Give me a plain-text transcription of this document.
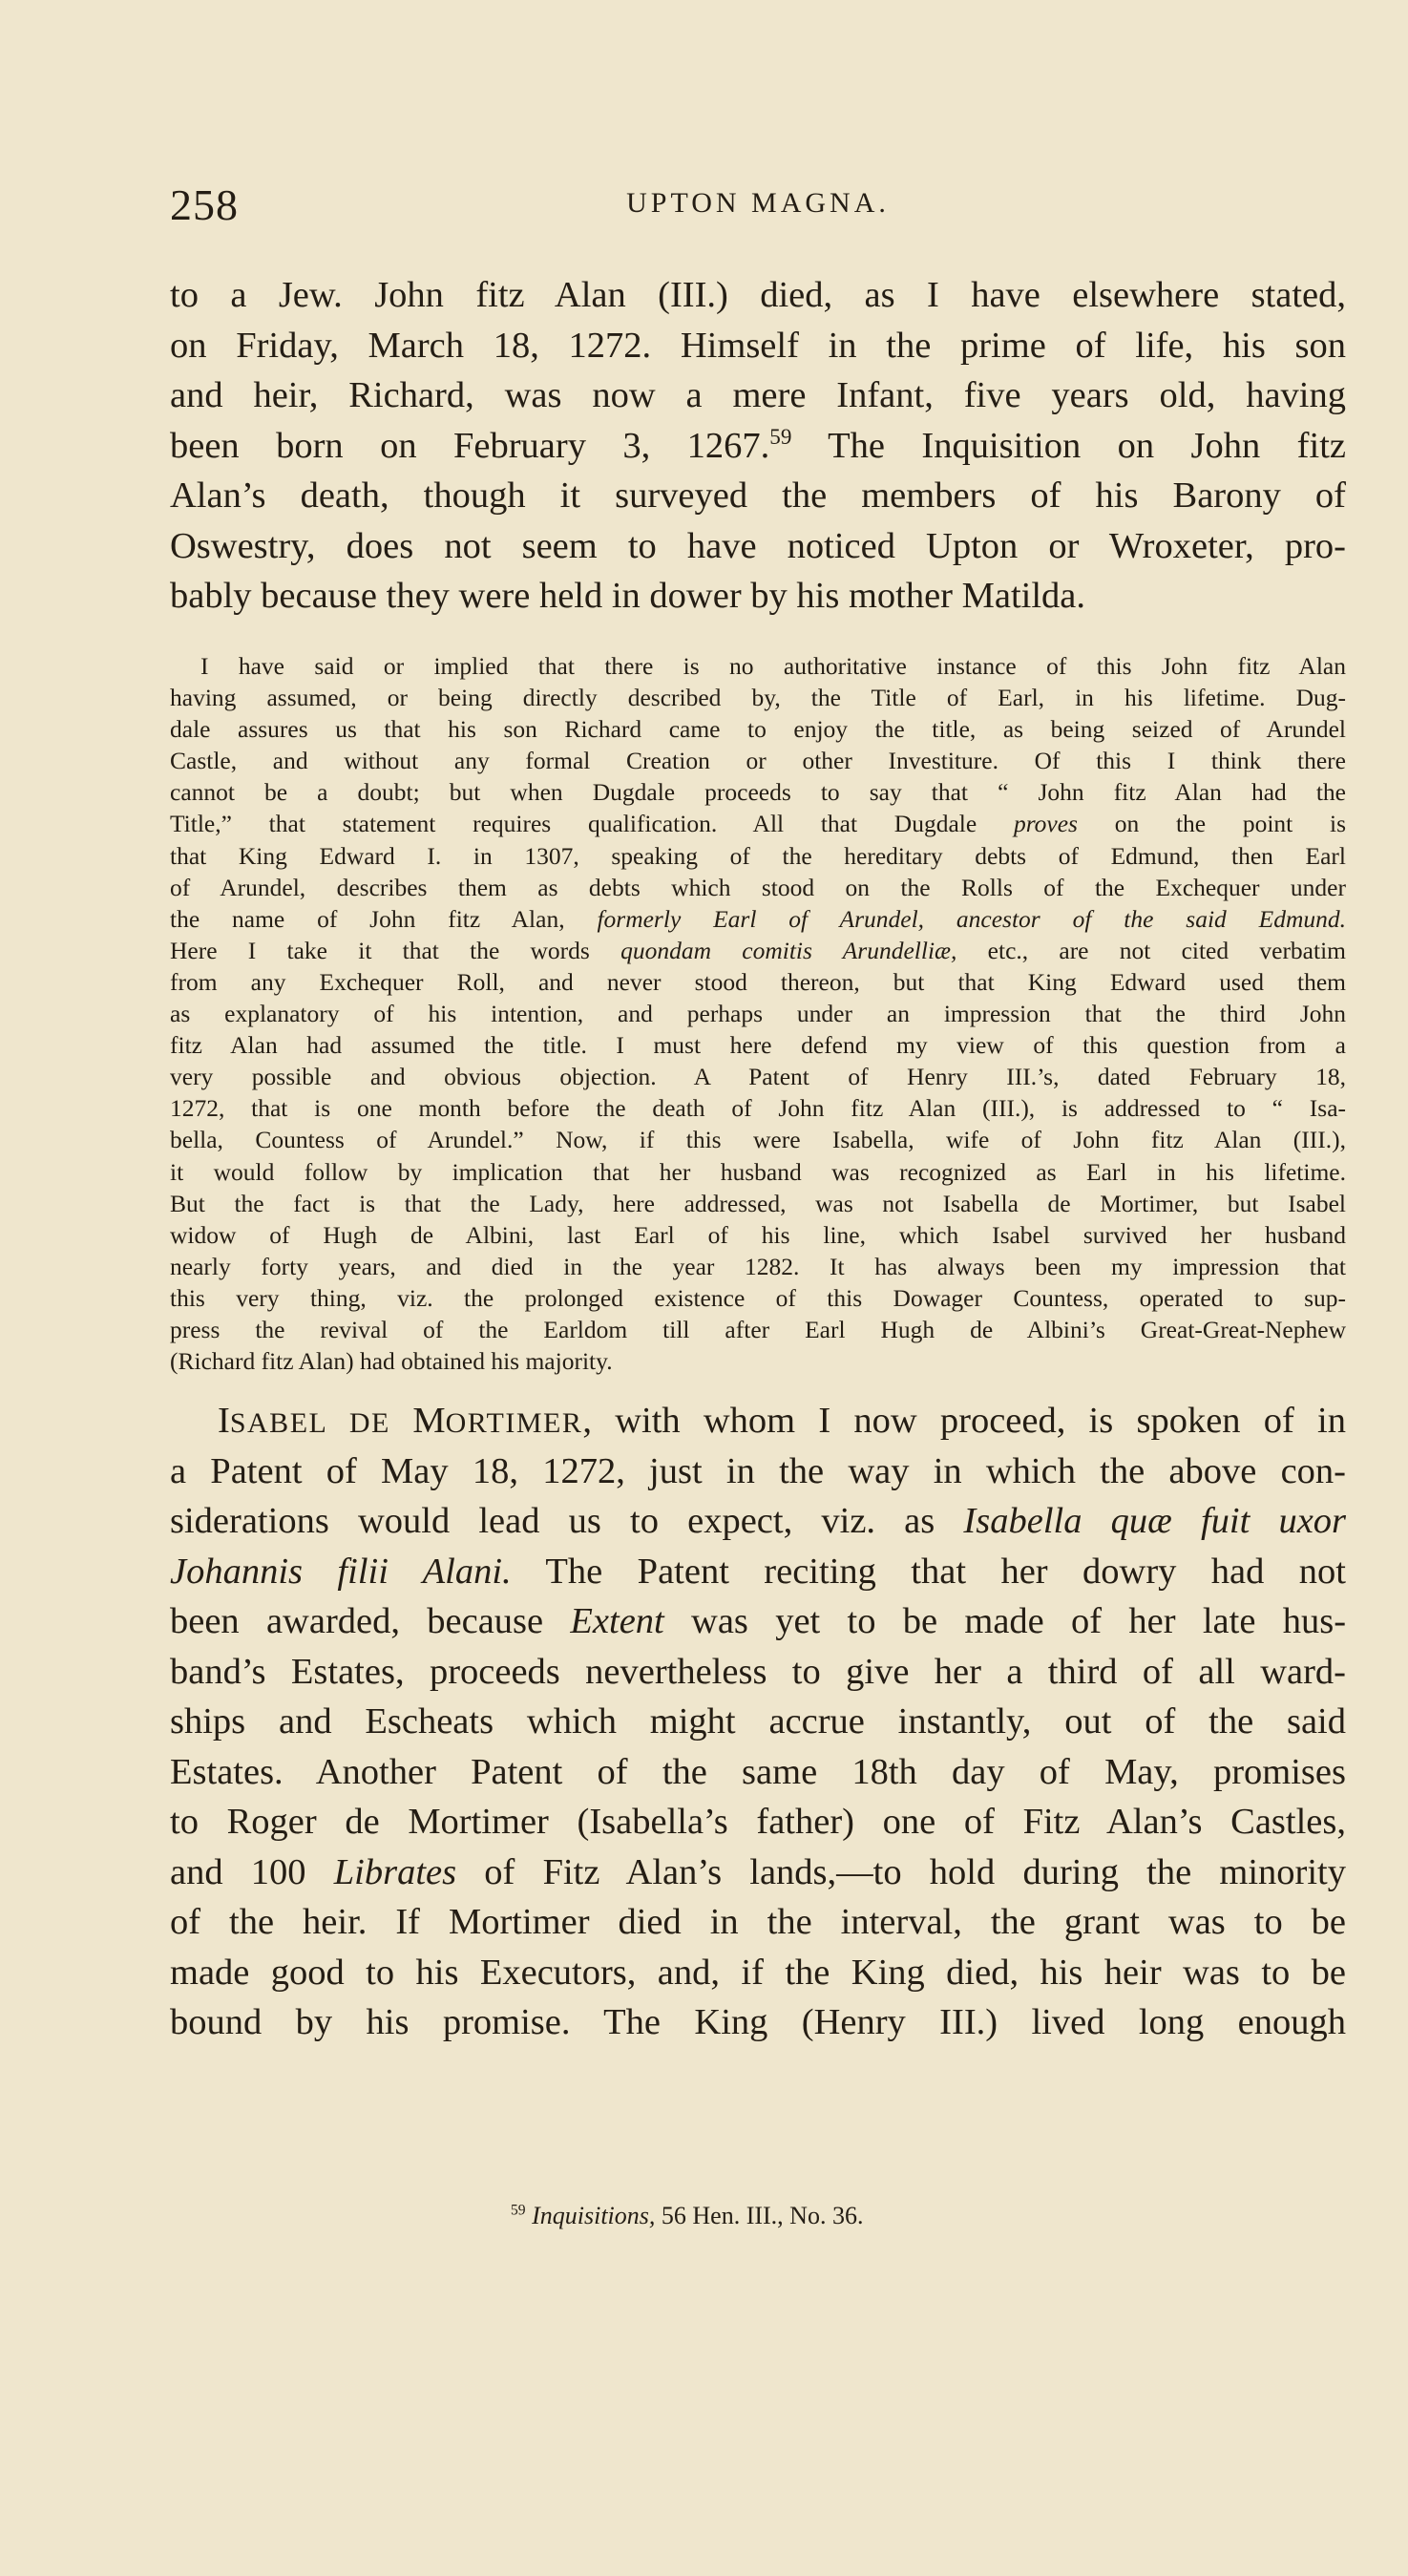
258	UPTON MAGNA.
to a Jew. John fitz Alan (III.) died, as I have elsewhere stated,
on Friday, March 18, 1272. Himself in the prime of life, his son
and heir, Richard, was now a mere Infant, five years old, having
been born on February 3, 1267.59 The Inquisition on John fitz
Alan’s death, though it surveyed the members of his Barony of
Oswestry, does not seem to have noticed Upton or Wroxeter, pro-
bably because they were held in dower by his mother Matilda.
I have said or implied that there is no authoritative instance of this John fitz Alan
having assumed, or being directly described by, the Title of Earl, in his lifetime. Dug-
dale assures us that his son Richard came to enjoy the title, as being seized of Arundel
Castle, and without any formal Creation or other Investiture. Of this I think there
cannot be a doubt; but when Dugdale proceeds to say that “ John fitz Alan had the
Title,” that statement requires qualification. All that Dugdale proves on the point is
that King Edward I. in 1307, speaking of the hereditary debts of Edmund, then Earl
of Arundel, describes them as debts which stood on the Rolls of the Exchequer under
the name of John fitz Alan, formerly Earl of Arundel, ancestor of the said Edmund.
Here I take it that the words quondam comitis Arundelliæ, etc., are not cited verbatim
from any Exchequer Roll, and never stood thereon, but that King Edward used them
as explanatory of his intention, and perhaps under an impression that the third John
fitz Alan had assumed the title. I must here defend my view of this question from a
very possible and obvious objection. A Patent of Henry III.’s, dated February 18,
1272, that is one month before the death of John fitz Alan (III.), is addressed to “ Isa-
bella, Countess of Arundel.” Now, if this were Isabella, wife of John fitz Alan (III.),
it would follow by implication that her husband was recognized as Earl in his lifetime.
But the fact is that the Lady, here addressed, was not Isabella de Mortimer, but Isabel
widow of Hugh de Albini, last Earl of his line, which Isabel survived her husband
nearly forty years, and died in the year 1282. It has always been my impression that
this very thing, viz. the prolonged existence of this Dowager Countess, operated to sup-
press the revival of the Earldom till after Earl Hugh de Albini’s Great-Great-Nephew
(Richard fitz Alan) had obtained his majority.
ISABEL DE MORTIMER, with whom I now proceed, is spoken of in
a Patent of May 18, 1272, just in the way in which the above con-
siderations would lead us to expect, viz. as Isabella quæ fuit uxor
Johannis filii Alani. The Patent reciting that her dowry had not
been awarded, because Extent was yet to be made of her late hus-
band’s Estates, proceeds nevertheless to give her a third of all ward-
ships and Escheats which might accrue instantly, out of the said
Estates. Another Patent of the same 18th day of May, promises
to Roger de Mortimer (Isabella’s father) one of Fitz Alan’s Castles,
and 100 Librates of Fitz Alan’s lands,—to hold during the minority
of the heir. If Mortimer died in the interval, the grant was to be
made good to his Executors, and, if the King died, his heir was to be
bound by his promise. The King (Henry III.) lived long enough
$^{59}$ Inquisitions, 56 Hen. III., No. 36.
